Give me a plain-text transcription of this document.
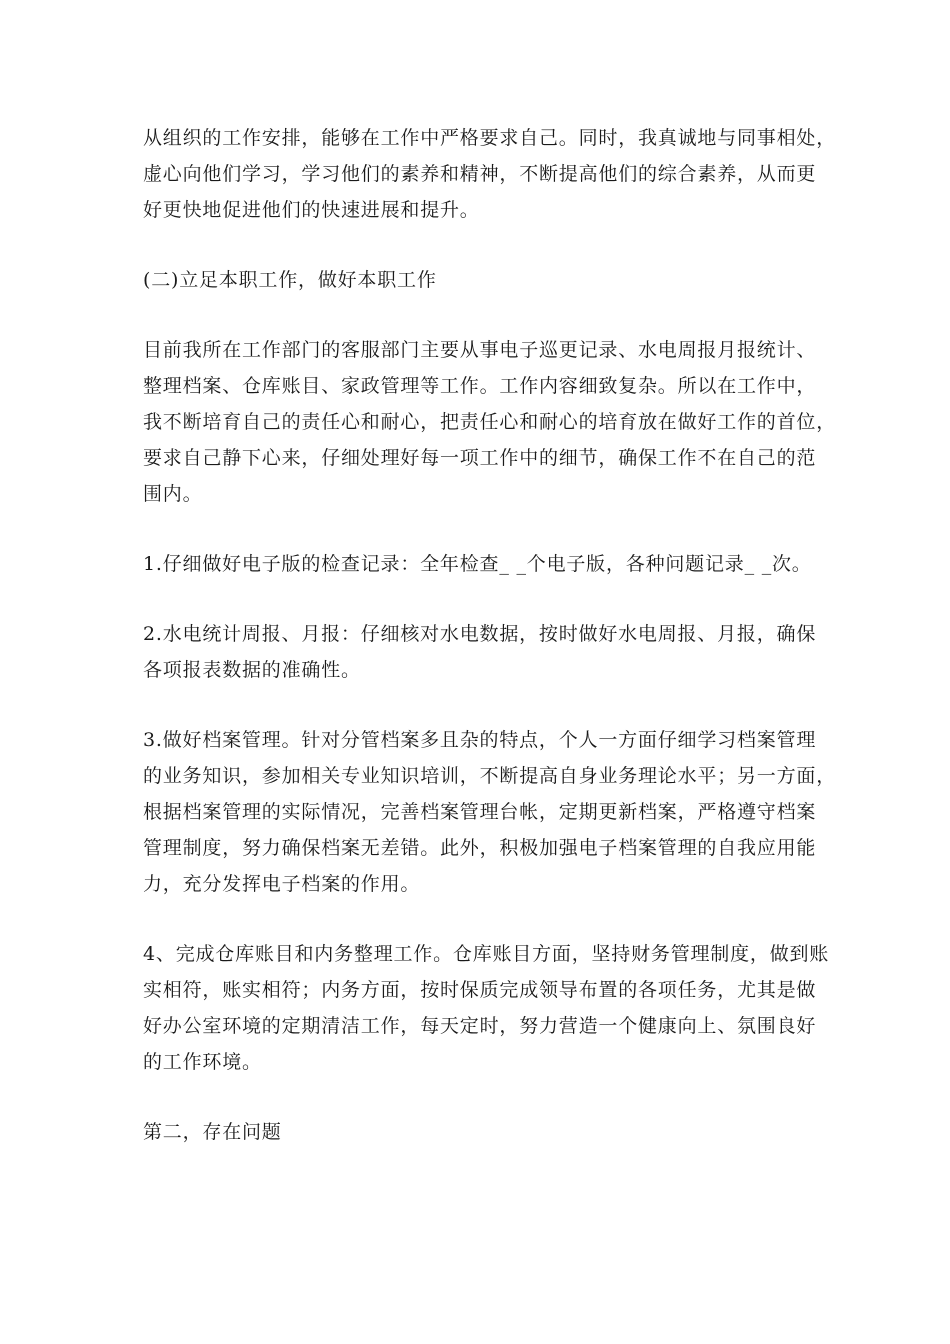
从组织的工作安排，能够在工作中严格要求自己。同时，我真诚地与同事相处，
虚心向他们学习，学习他们的素养和精神，不断提高他们的综合素养，从而更
好更快地促进他们的快速进展和提升。
(二)立足本职工作，做好本职工作
目前我所在工作部门的客服部门主要从事电子巡更记录、水电周报月报统计、
整理档案、仓库账目、家政管理等工作。工作内容细致复杂。所以在工作中，
我不断培育自己的责任心和耐心，把责任心和耐心的培育放在做好工作的首位，
要求自己静下心来，仔细处理好每一项工作中的细节，确保工作不在自己的范
围内。
1.仔细做好电子版的检查记录：全年检查_ _个电子版，各种问题记录_ _次。
2.水电统计周报、月报：仔细核对水电数据，按时做好水电周报、月报，确保
各项报表数据的准确性。
3.做好档案管理。针对分管档案多且杂的特点，个人一方面仔细学习档案管理
的业务知识，参加相关专业知识培训，不断提高自身业务理论水平；另一方面，
根据档案管理的实际情况，完善档案管理台帐，定期更新档案，严格遵守档案
管理制度，努力确保档案无差错。此外，积极加强电子档案管理的自我应用能
力，充分发挥电子档案的作用。
4、完成仓库账目和内务整理工作。仓库账目方面，坚持财务管理制度，做到账
实相符，账实相符；内务方面，按时保质完成领导布置的各项任务，尤其是做
好办公室环境的定期清洁工作，每天定时，努力营造一个健康向上、氛围良好
的工作环境。
第二，存在问题
